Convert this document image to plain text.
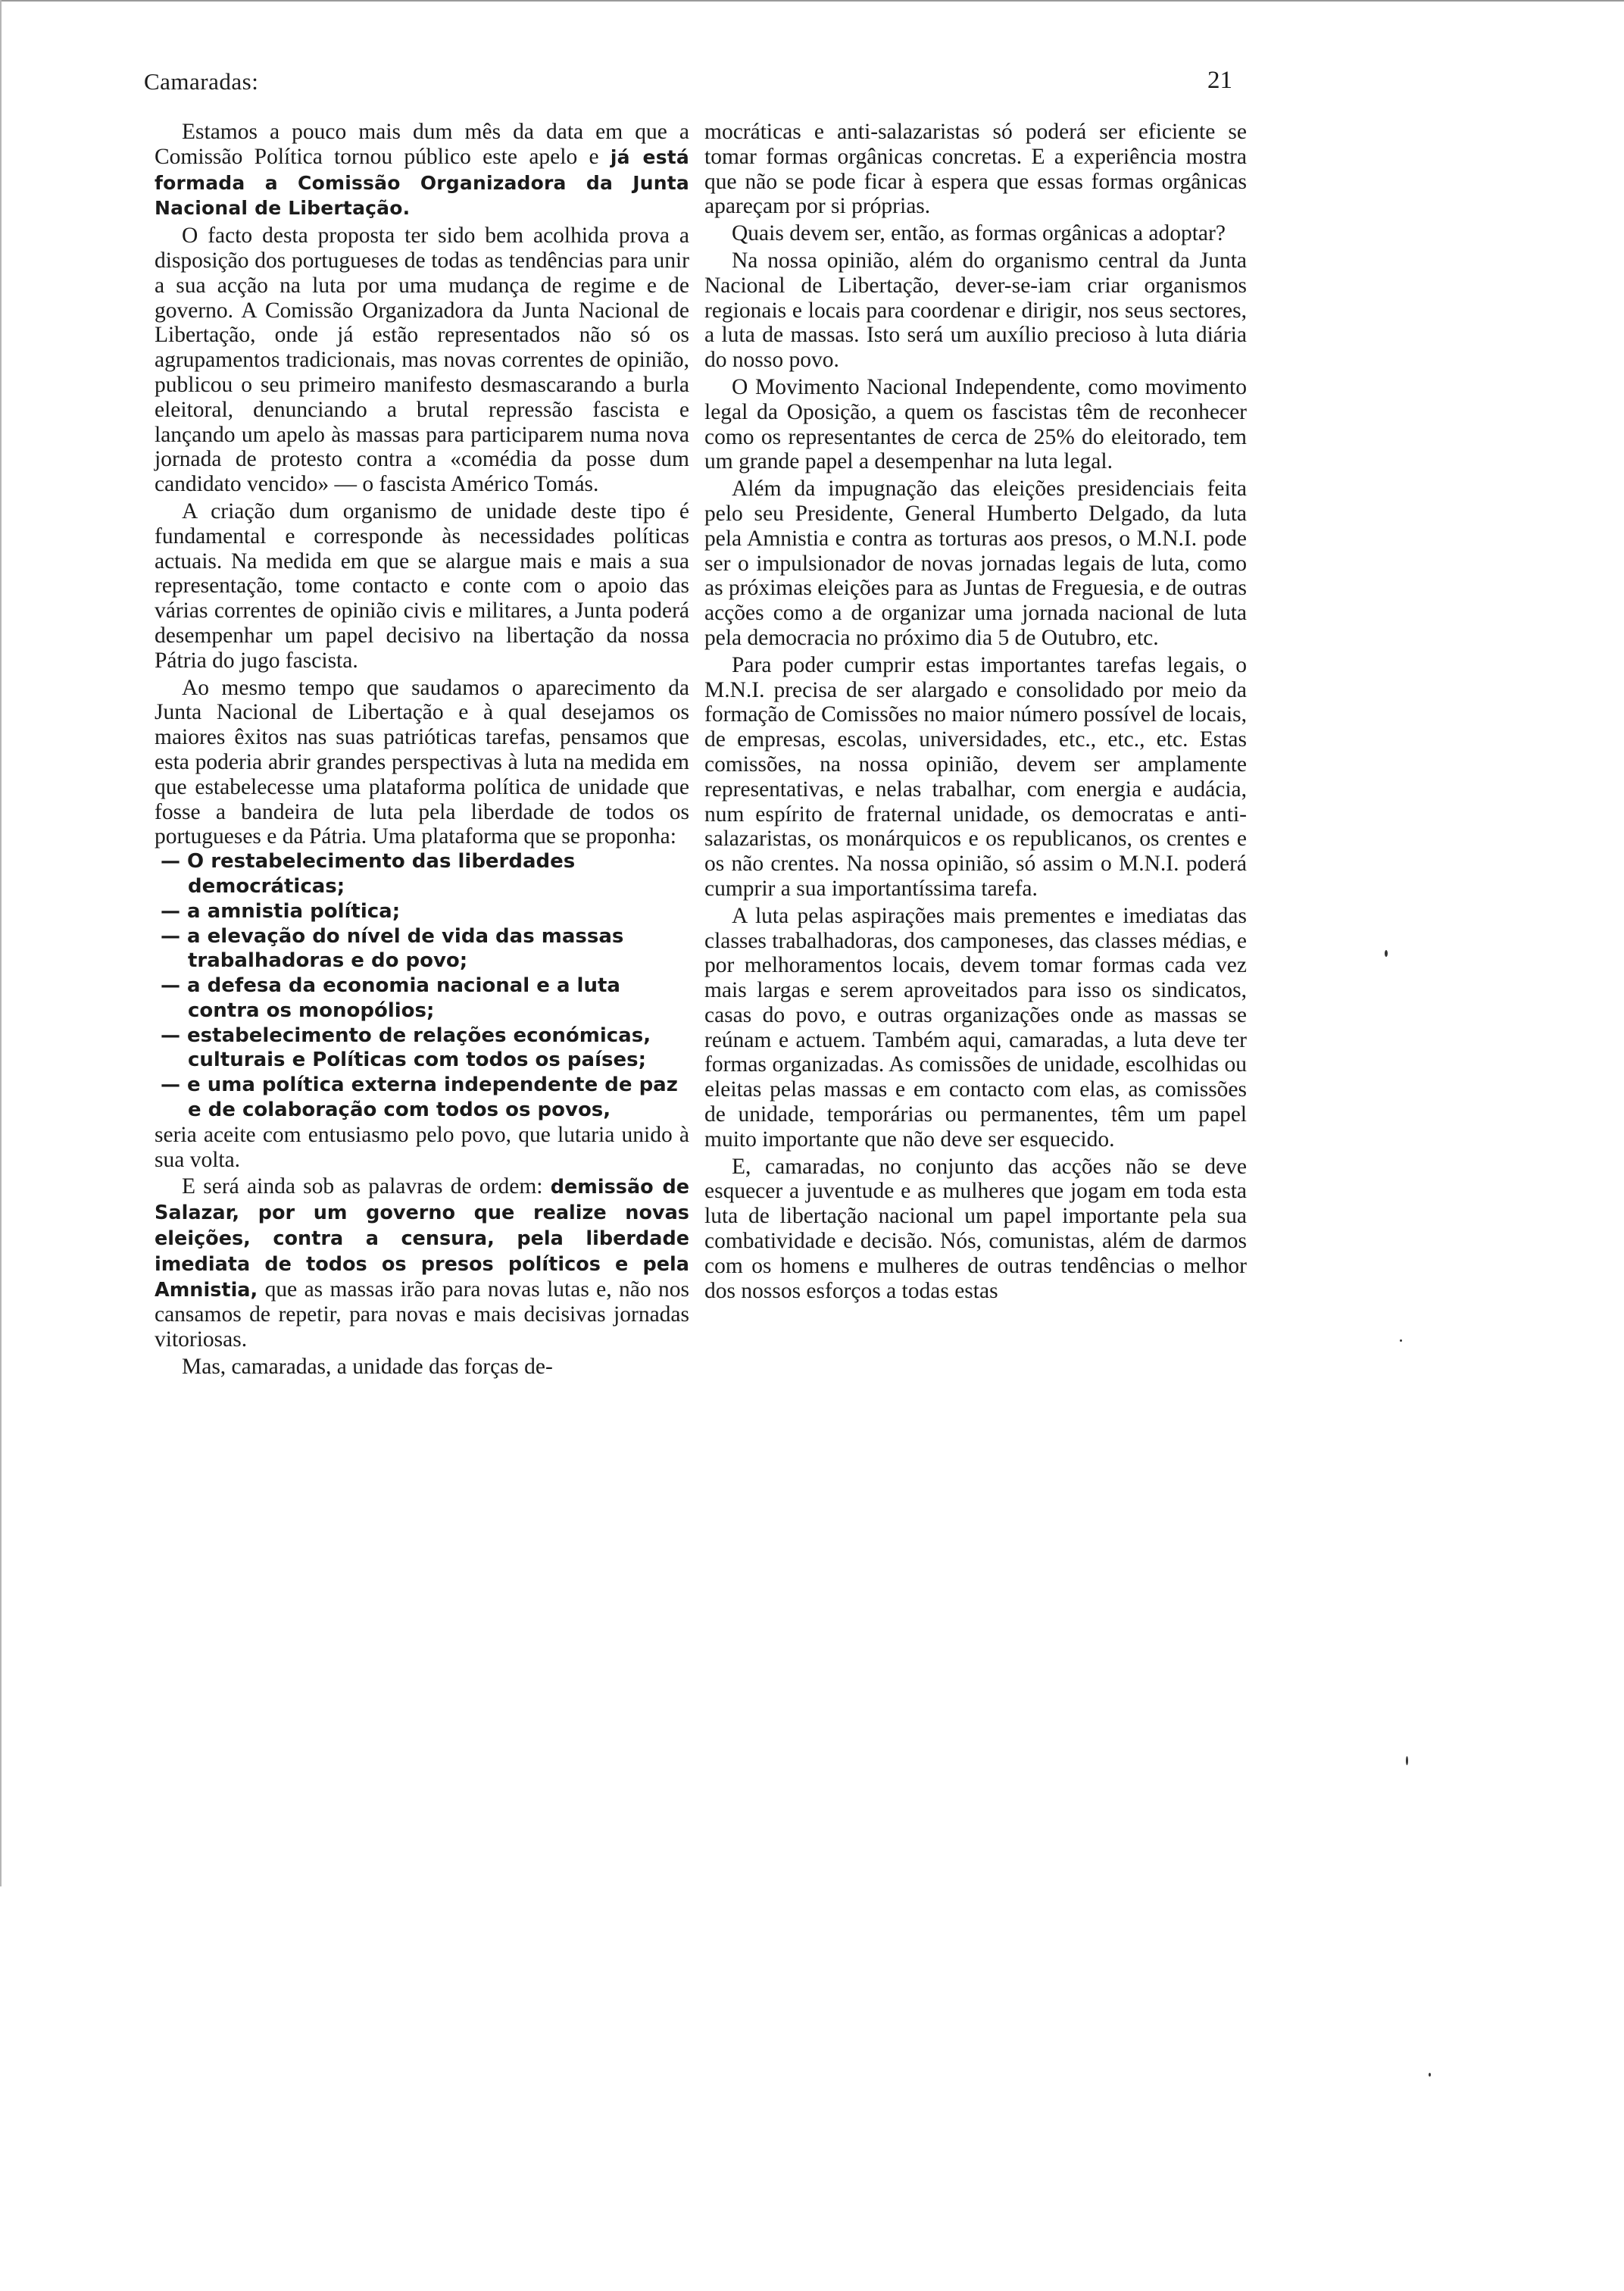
Camaradas:	21

Estamos a pouco mais dum mês da data em que a Comissão Política tornou público este apelo e já está formada a Comissão Organizadora da Junta Nacional de Libertação.

O facto desta proposta ter sido bem acolhida prova a disposição dos portugueses de todas as tendências para unir a sua acção na luta por uma mudança de regime e de governo. A Comissão Organizadora da Junta Nacional de Libertação, onde já estão representados não só os agrupamentos tradicionais, mas novas correntes de opinião, publicou o seu primeiro manifesto desmascarando a burla eleitoral, denunciando a brutal repressão fascista e lançando um apelo às massas para participarem numa nova jornada de protesto contra a «comédia da posse dum candidato vencido» — o fascista Américo Tomás.

A criação dum organismo de unidade deste tipo é fundamental e corresponde às necessidades políticas actuais. Na medida em que se alargue mais e mais a sua representação, tome contacto e conte com o apoio das várias correntes de opinião civis e militares, a Junta poderá desempenhar um papel decisivo na libertação da nossa Pátria do jugo fascista.

Ao mesmo tempo que saudamos o aparecimento da Junta Nacional de Libertação e à qual desejamos os maiores êxitos nas suas patrióticas tarefas, pensamos que esta poderia abrir grandes perspectivas à luta na medida em que estabelecesse uma plataforma política de unidade que fosse a bandeira de luta pela liberdade de todos os portugueses e da Pátria. Uma plataforma que se proponha:

— O restabelecimento das liberdades democráticas;
— a amnistia política;
— a elevação do nível de vida das massas trabalhadoras e do povo;
— a defesa da economia nacional e a luta contra os monopólios;
— estabelecimento de relações económicas, culturais e Políticas com todos os países;
— e uma política externa independente de paz e de colaboração com todos os povos,

seria aceite com entusiasmo pelo povo, que lutaria unido à sua volta.

E será ainda sob as palavras de ordem: demissão de Salazar, por um governo que realize novas eleições, contra a censura, pela liberdade imediata de todos os presos políticos e pela Amnistia, que as massas irão para novas lutas e, não nos cansamos de repetir, para novas e mais decisivas jornadas vitoriosas.

Mas, camaradas, a unidade das forças de-

mocráticas e anti-salazaristas só poderá ser eficiente se tomar formas orgânicas concretas. E a experiência mostra que não se pode ficar à espera que essas formas orgânicas apareçam por si próprias.

Quais devem ser, então, as formas orgânicas a adoptar?

Na nossa opinião, além do organismo central da Junta Nacional de Libertação, dever-se-iam criar organismos regionais e locais para coordenar e dirigir, nos seus sectores, a luta de massas. Isto será um auxílio precioso à luta diária do nosso povo.

O Movimento Nacional Independente, como movimento legal da Oposição, a quem os fascistas têm de reconhecer como os representantes de cerca de 25% do eleitorado, tem um grande papel a desempenhar na luta legal.

Além da impugnação das eleições presidenciais feita pelo seu Presidente, General Humberto Delgado, da luta pela Amnistia e contra as torturas aos presos, o M.N.I. pode ser o impulsionador de novas jornadas legais de luta, como as próximas eleições para as Juntas de Freguesia, e de outras acções como a de organizar uma jornada nacional de luta pela democracia no próximo dia 5 de Outubro, etc.

Para poder cumprir estas importantes tarefas legais, o M.N.I. precisa de ser alargado e consolidado por meio da formação de Comissões no maior número possível de locais, de empresas, escolas, universidades, etc., etc., etc. Estas comissões, na nossa opinião, devem ser amplamente representativas, e nelas trabalhar, com energia e audácia, num espírito de fraternal unidade, os democratas e anti-salazaristas, os monárquicos e os republicanos, os crentes e os não crentes. Na nossa opinião, só assim o M.N.I. poderá cumprir a sua importantíssima tarefa.

A luta pelas aspirações mais prementes e imediatas das classes trabalhadoras, dos camponeses, das classes médias, e por melhoramentos locais, devem tomar formas cada vez mais largas e serem aproveitados para isso os sindicatos, casas do povo, e outras organizações onde as massas se reúnam e actuem. Também aqui, camaradas, a luta deve ter formas organizadas. As comissões de unidade, escolhidas ou eleitas pelas massas e em contacto com elas, as comissões de unidade, temporárias ou permanentes, têm um papel muito importante que não deve ser esquecido.

E, camaradas, no conjunto das acções não se deve esquecer a juventude e as mulheres que jogam em toda esta luta de libertação nacional um papel importante pela sua combatividade e decisão. Nós, comunistas, além de darmos com os homens e mulheres de outras tendências o melhor dos nossos esforços a todas estas
